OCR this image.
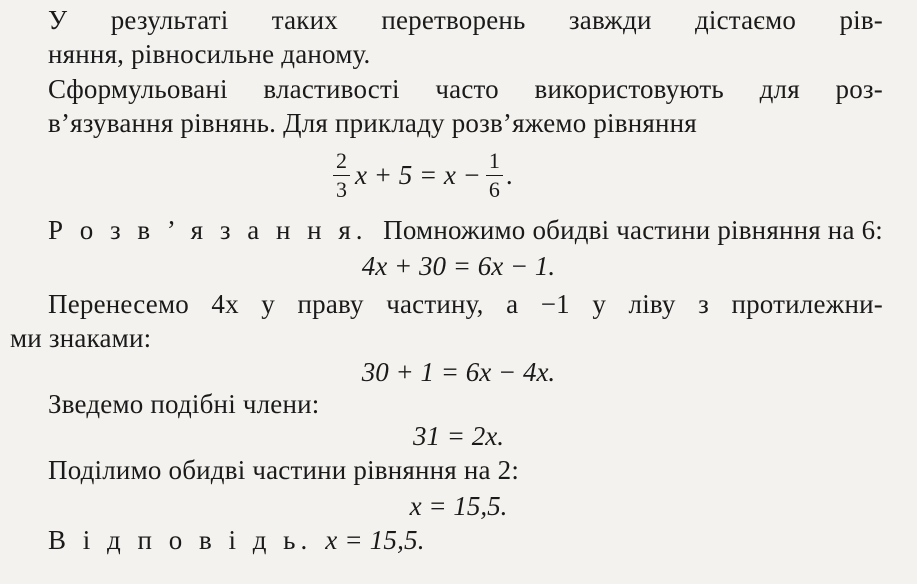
У результаті таких перетворень завжди дістаємо рів-
няння, рівносильне даному.
Сформульовані властивості часто використовують для роз-
в’язування рівнянь. Для прикладу розв’яжемо рівняння
$\frac{2}{3}$ $x + 5 = x - \frac{1}{6}$ .
Р о з в ’ я з а н н я. Помножимо обидві частини рівняння на 6:
4x + 30 = 6x − 1.
Перенесемо 4x у праву частину, а −1 у ліву з протилежни-
ми знаками:
30 + 1 = 6x − 4x.
Зведемо подібні члени:
31 = 2x.
Поділимо обидві частини рівняння на 2:
x = 15,5.
В і д п о в і д ь. x = 15,5.
